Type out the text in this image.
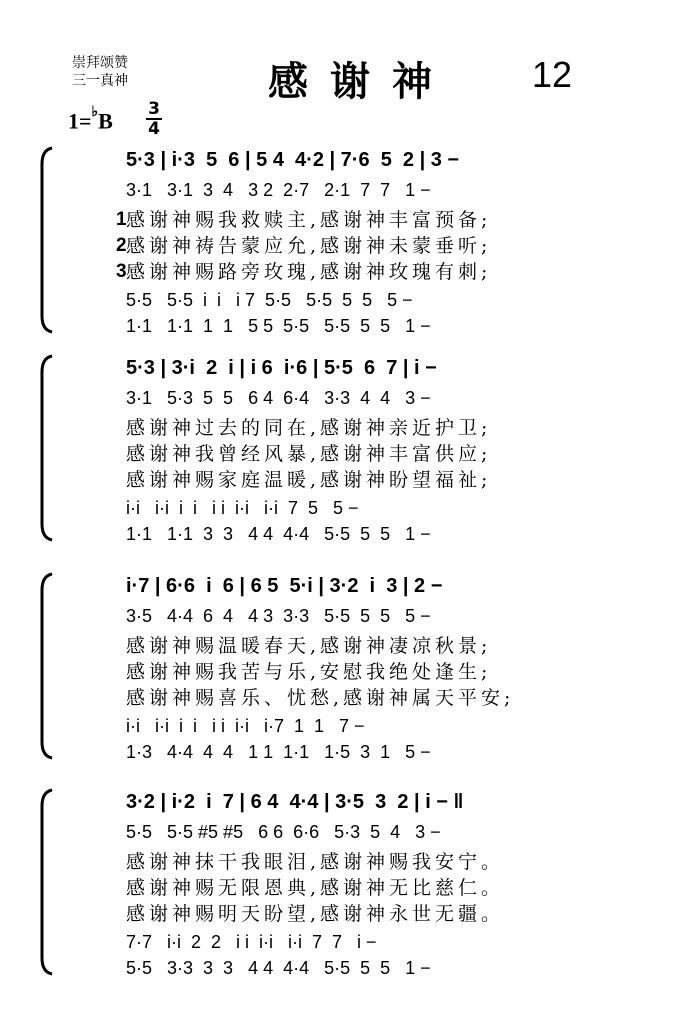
崇拜颂赞
三一真神	感谢神 12
1=♭B 3
4
5·3 | i·3  5  6 | 5 4  4·2 | 7·6  5  2 | 3 −
3·1   3·1  3  4   3 2  2·7   2·1  7  7   1 −
1 感谢神赐我救赎主,感谢神丰富预备;
2 感谢神祷告蒙应允,感谢神未蒙垂听;
3 感谢神赐路旁玫瑰,感谢神玫瑰有刺;
5·5   5·5  i  i   i 7  5·5   5·5  5  5   5 −
1·1   1·1  1  1   5 5  5·5   5·5  5  5   1 −
5·3 | 3·i  2  i | i 6  i·6 | 5·5  6  7 | i −
3·1   5·3  5  5   6 4  6·4   3·3  4  4   3 −
感谢神过去的同在,感谢神亲近护卫;
感谢神我曾经风暴,感谢神丰富供应;
感谢神赐家庭温暖,感谢神盼望福祉;
i·i   i·i  i  i   i i  i·i   i·i  7  5   5 −
1·1   1·1  3  3   4 4  4·4   5·5  5  5   1 −
i·7 | 6·6  i  6 | 6 5  5·i | 3·2  i  3 | 2 −
3·5   4·4  6  4   4 3  3·3   5·5  5  5   5 −
感谢神赐温暖春天,感谢神凄凉秋景;
感谢神赐我苦与乐,安慰我绝处逢生;
感谢神赐喜乐、忧愁,感谢神属天平安;
i·i   i·i  i  i   i i  i·i   i·7  1  1   7 −
1·3   4·4  4  4   1 1  1·1   1·5  3  1   5 −
3·2 | i·2  i  7 | 6 4  4·4 | 3·5  3  2 | i − ‖
5·5   5·5 #5 #5   6 6  6·6   5·3  5  4   3 −
感谢神抹干我眼泪,感谢神赐我安宁。
感谢神赐无限恩典,感谢神无比慈仁。
感谢神赐明天盼望,感谢神永世无疆。
7·7   i·i  2  2   i i  i·i   i·i  7  7   i −
5·5   3·3  3  3   4 4  4·4   5·5  5  5   1 −
